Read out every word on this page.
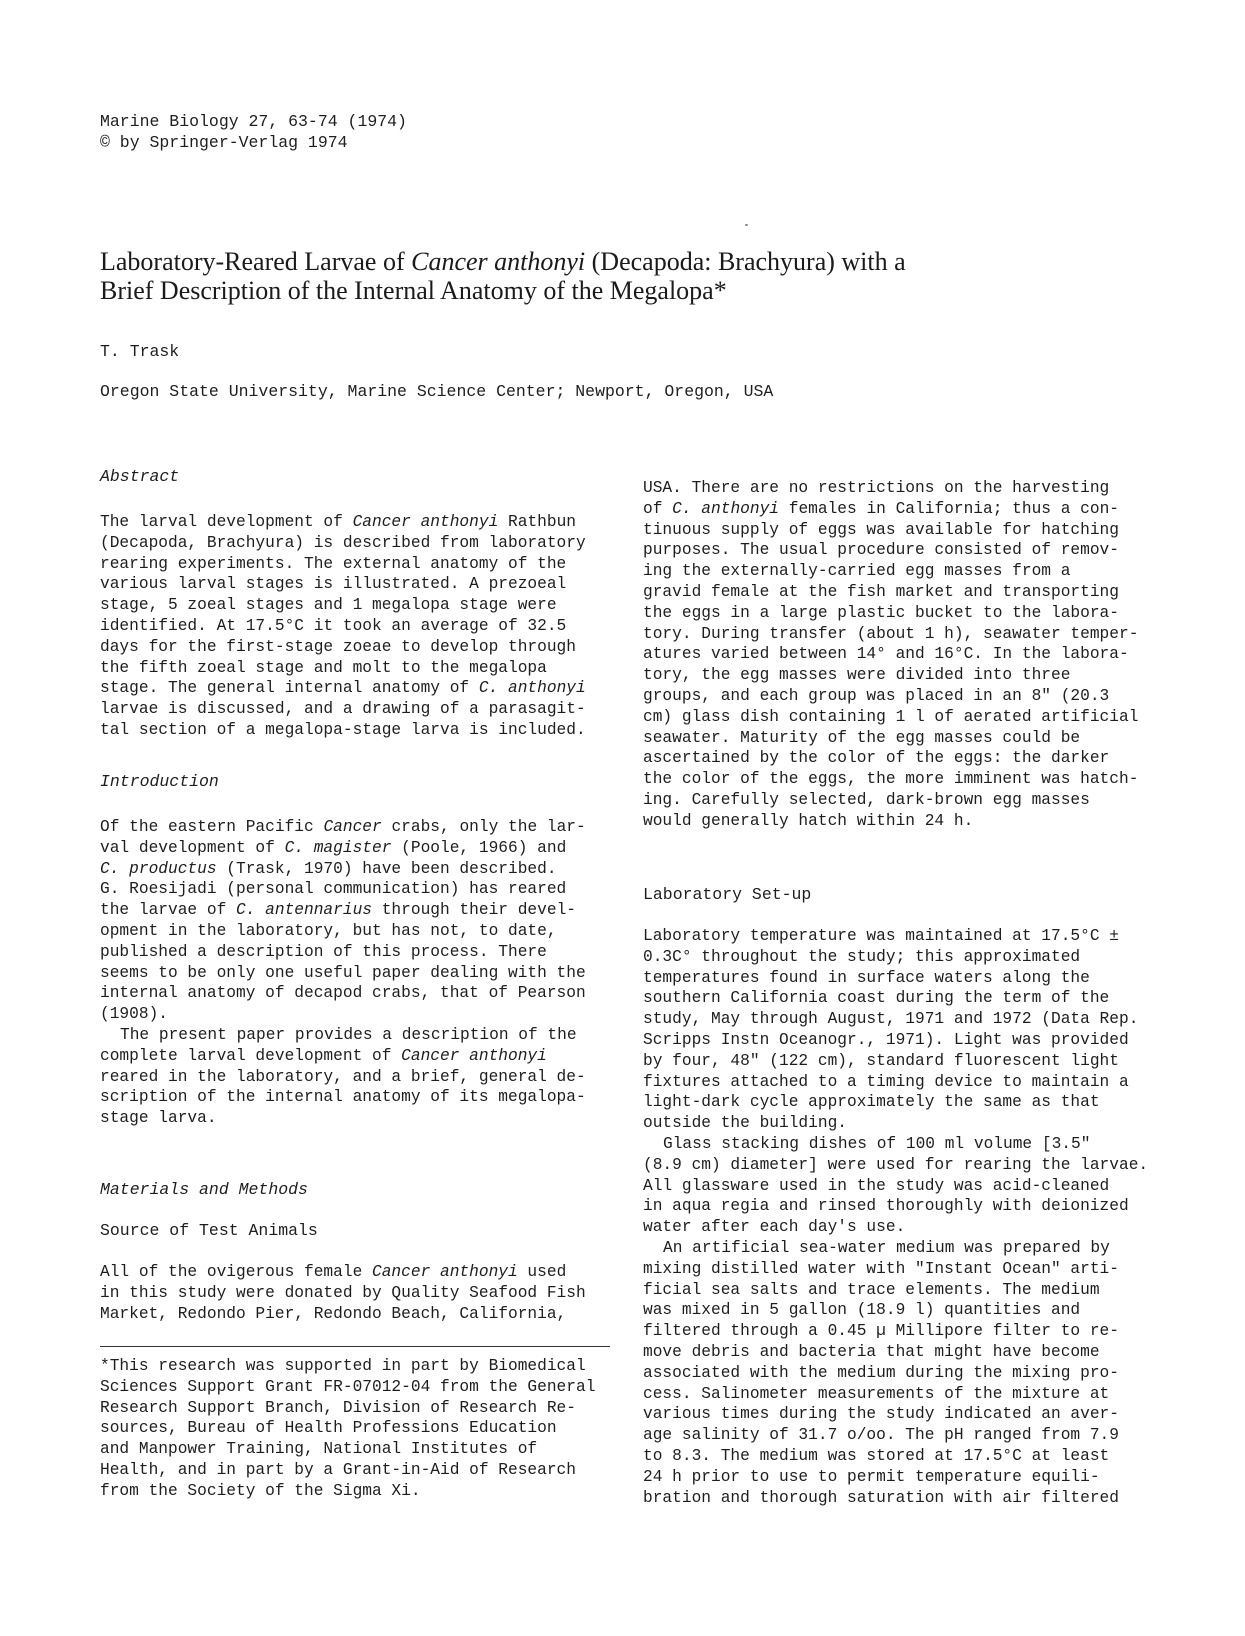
Marine Biology 27, 63-74 (1974)
© by Springer-Verlag 1974
Laboratory-Reared Larvae of Cancer anthonyi (Decapoda: Brachyura) with a
Brief Description of the Internal Anatomy of the Megalopa*
T. Trask
Oregon State University, Marine Science Center; Newport, Oregon, USA
Abstract
The larval development of Cancer anthonyi Rathbun
(Decapoda, Brachyura) is described from laboratory
rearing experiments. The external anatomy of the
various larval stages is illustrated. A prezoeal
stage, 5 zoeal stages and 1 megalopa stage were
identified. At 17.5°C it took an average of 32.5
days for the first-stage zoeae to develop through
the fifth zoeal stage and molt to the megalopa
stage. The general internal anatomy of C. anthonyi
larvae is discussed, and a drawing of a parasagit-
tal section of a megalopa-stage larva is included.
Introduction
Of the eastern Pacific Cancer crabs, only the lar-
val development of C. magister (Poole, 1966) and
C. productus (Trask, 1970) have been described.
G. Roesijadi (personal communication) has reared
the larvae of C. antennarius through their devel-
opment in the laboratory, but has not, to date,
published a description of this process. There
seems to be only one useful paper dealing with the
internal anatomy of decapod crabs, that of Pearson
(1908).
The present paper provides a description of the
complete larval development of Cancer anthonyi
reared in the laboratory, and a brief, general de-
scription of the internal anatomy of its megalopa-
stage larva.
Materials and Methods
Source of Test Animals
All of the ovigerous female Cancer anthonyi used
in this study were donated by Quality Seafood Fish
Market, Redondo Pier, Redondo Beach, California,
*This research was supported in part by Biomedical
Sciences Support Grant FR-07012-04 from the General
Research Support Branch, Division of Research Re-
sources, Bureau of Health Professions Education
and Manpower Training, National Institutes of
Health, and in part by a Grant-in-Aid of Research
from the Society of the Sigma Xi.
USA. There are no restrictions on the harvesting
of C. anthonyi females in California; thus a con-
tinuous supply of eggs was available for hatching
purposes. The usual procedure consisted of remov-
ing the externally-carried egg masses from a
gravid female at the fish market and transporting
the eggs in a large plastic bucket to the labora-
tory. During transfer (about 1 h), seawater temper-
atures varied between 14° and 16°C. In the labora-
tory, the egg masses were divided into three
groups, and each group was placed in an 8" (20.3
cm) glass dish containing 1 l of aerated artificial
seawater. Maturity of the egg masses could be
ascertained by the color of the eggs: the darker
the color of the eggs, the more imminent was hatch-
ing. Carefully selected, dark-brown egg masses
would generally hatch within 24 h.
Laboratory Set-up
Laboratory temperature was maintained at 17.5°C ±
0.3C° throughout the study; this approximated
temperatures found in surface waters along the
southern California coast during the term of the
study, May through August, 1971 and 1972 (Data Rep.
Scripps Instn Oceanogr., 1971). Light was provided
by four, 48" (122 cm), standard fluorescent light
fixtures attached to a timing device to maintain a
light-dark cycle approximately the same as that
outside the building.
Glass stacking dishes of 100 ml volume [3.5"
(8.9 cm) diameter] were used for rearing the larvae.
All glassware used in the study was acid-cleaned
in aqua regia and rinsed thoroughly with deionized
water after each day's use.
An artificial sea-water medium was prepared by
mixing distilled water with "Instant Ocean" arti-
ficial sea salts and trace elements. The medium
was mixed in 5 gallon (18.9 l) quantities and
filtered through a 0.45 µ Millipore filter to re-
move debris and bacteria that might have become
associated with the medium during the mixing pro-
cess. Salinometer measurements of the mixture at
various times during the study indicated an aver-
age salinity of 31.7 o/oo. The pH ranged from 7.9
to 8.3. The medium was stored at 17.5°C at least
24 h prior to use to permit temperature equili-
bration and thorough saturation with air filtered
